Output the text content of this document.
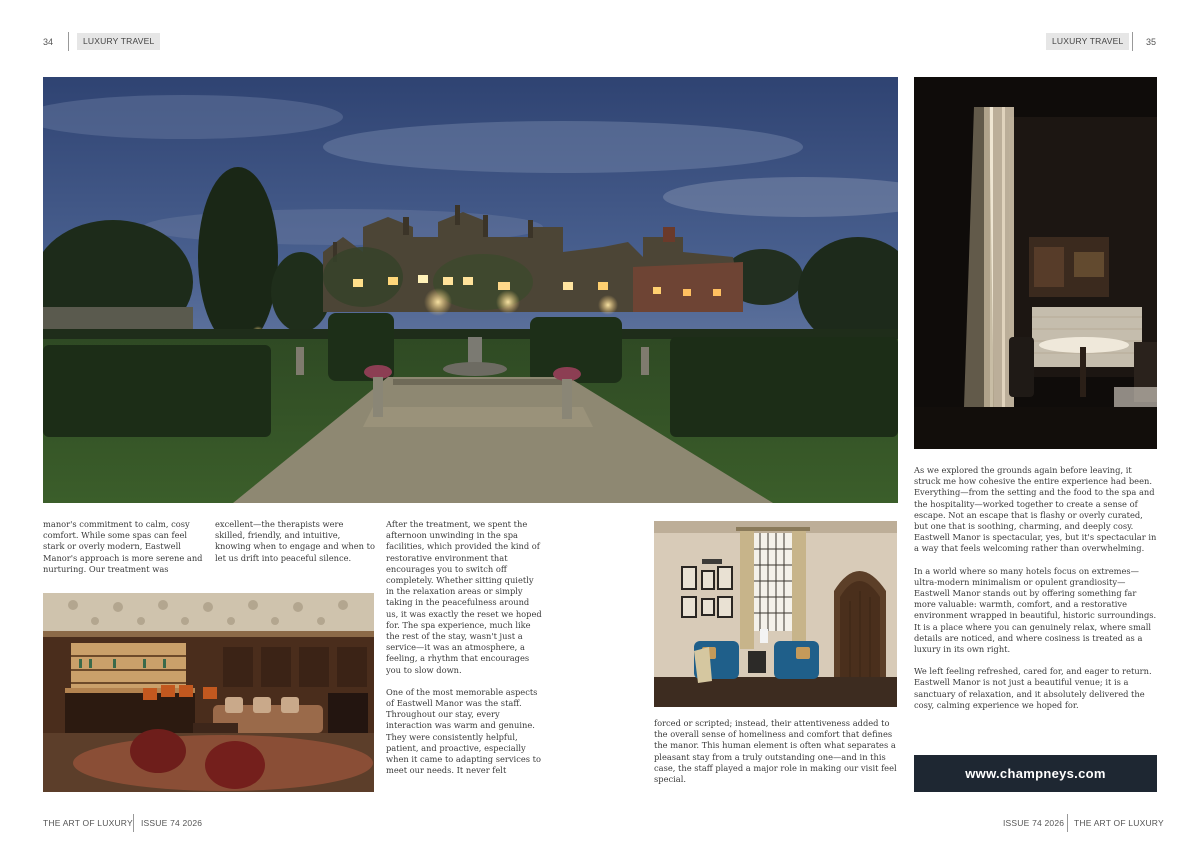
34	LUXURY TRAVEL	LUXURY TRAVEL	35

manor's commitment to calm, cosy comfort. While some spas can feel stark or overly modern, Eastwell Manor's approach is more serene and nurturing. Our treatment was

excellent—the therapists were skilled, friendly, and intuitive, knowing when to engage and when to let us drift into peaceful silence.

After the treatment, we spent the afternoon unwinding in the spa facilities, which provided the kind of restorative environment that encourages you to switch off completely. Whether sitting quietly in the relaxation areas or simply taking in the peacefulness around us, it was exactly the reset we hoped for. The spa experience, much like the rest of the stay, wasn't just a service—it was an atmosphere, a feeling, a rhythm that encourages you to slow down.

One of the most memorable aspects of Eastwell Manor was the staff. Throughout our stay, every interaction was warm and genuine. They were consistently helpful, patient, and proactive, especially when it came to adapting services to meet our needs. It never felt

forced or scripted; instead, their attentiveness added to the overall sense of homeliness and comfort that defines the manor. This human element is often what separates a pleasant stay from a truly outstanding one—and in this case, the staff played a major role in making our visit feel special.

As we explored the grounds again before leaving, it struck me how cohesive the entire experience had been. Everything—from the setting and the food to the spa and the hospitality—worked together to create a sense of escape. Not an escape that is flashy or overly curated, but one that is soothing, charming, and deeply cosy. Eastwell Manor is spectacular, yes, but it's spectacular in a way that feels welcoming rather than overwhelming.

In a world where so many hotels focus on extremes—ultra-modern minimalism or opulent grandiosity—Eastwell Manor stands out by offering something far more valuable: warmth, comfort, and a restorative environment wrapped in beautiful, historic surroundings. It is a place where you can genuinely relax, where small details are noticed, and where cosiness is treated as a luxury in its own right.

We left feeling refreshed, cared for, and eager to return. Eastwell Manor is not just a beautiful venue; it is a sanctuary of relaxation, and it absolutely delivered the cosy, calming experience we hoped for.

www.champneys.com
THE ART OF LUXURY ISSUE 74 2026	ISSUE 74 2026 THE ART OF LUXURY
